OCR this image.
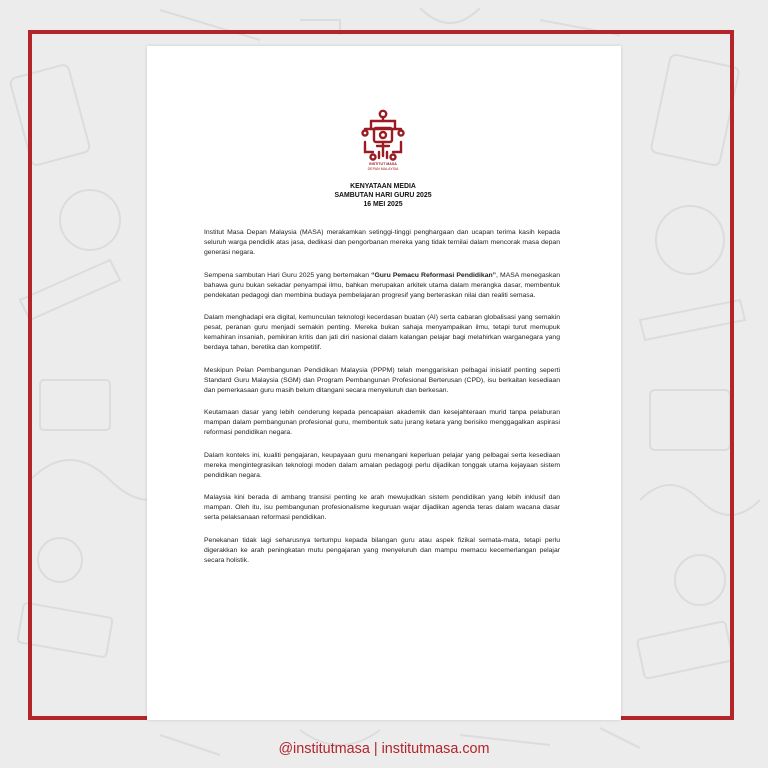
INSTITUT MASA
DEPAN MALAYSIA
KENYATAAN MEDIA
SAMBUTAN HARI GURU 2025
16 MEI 2025

Institut Masa Depan Malaysia (MASA) merakamkan setinggi-tinggi penghargaan dan ucapan terima kasih kepada seluruh warga pendidik atas jasa, dedikasi dan pengorbanan mereka yang tidak ternilai dalam mencorak masa depan generasi negara.

Sempena sambutan Hari Guru 2025 yang bertemakan “Guru Pemacu Reformasi Pendidikan”, MASA menegaskan bahawa guru bukan sekadar penyampai ilmu, bahkan merupakan arkitek utama dalam merangka dasar, membentuk pendekatan pedagogi dan membina budaya pembelajaran progresif yang berteraskan nilai dan realiti semasa.

Dalam menghadapi era digital, kemunculan teknologi kecerdasan buatan (AI) serta cabaran globalisasi yang semakin pesat, peranan guru menjadi semakin penting. Mereka bukan sahaja menyampaikan ilmu, tetapi turut memupuk kemahiran insaniah, pemikiran kritis dan jati diri nasional dalam kalangan pelajar bagi melahirkan warganegara yang berdaya tahan, beretika dan kompetitif.

Meskipun Pelan Pembangunan Pendidikan Malaysia (PPPM) telah menggariskan pelbagai inisiatif penting seperti Standard Guru Malaysia (SGM) dan Program Pembangunan Profesional Berterusan (CPD), isu berkaitan kesediaan dan pemerkasaan guru masih belum ditangani secara menyeluruh dan berkesan.

Keutamaan dasar yang lebih cenderung kepada pencapaian akademik dan kesejahteraan murid tanpa pelaburan mampan dalam pembangunan profesional guru, membentuk satu jurang ketara yang berisiko menggagalkan aspirasi reformasi pendidikan negara.

Dalam konteks ini, kualiti pengajaran, keupayaan guru menangani keperluan pelajar yang pelbagai serta kesediaan mereka mengintegrasikan teknologi moden dalam amalan pedagogi perlu dijadikan tonggak utama kejayaan sistem pendidikan negara.

Malaysia kini berada di ambang transisi penting ke arah mewujudkan sistem pendidikan yang lebih inklusif dan mampan. Oleh itu, isu pembangunan profesionalisme keguruan wajar dijadikan agenda teras dalam wacana dasar serta pelaksanaan reformasi pendidikan.

Penekanan tidak lagi seharusnya tertumpu kepada bilangan guru atau aspek fizikal semata-mata, tetapi perlu digerakkan ke arah peningkatan mutu pengajaran yang menyeluruh dan mampu memacu kecemerlangan pelajar secara holistik.

@institutmasa | institutmasa.com
